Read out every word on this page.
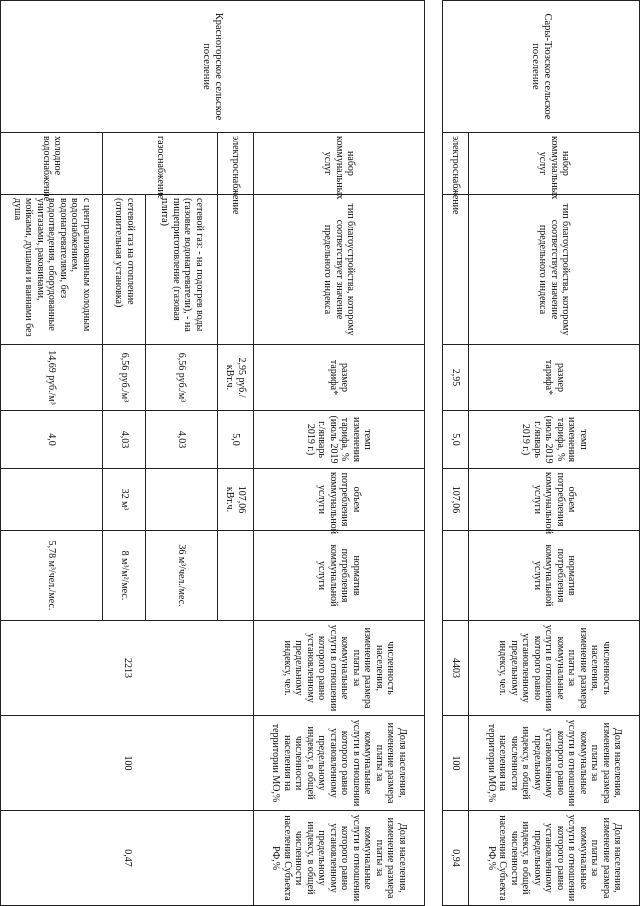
Сары-Тюзское сельское поселение	набор коммунальных услуг	тип благоустройства, которому соответствует значение предельного индекса	размер тарифа*	темп изменения тарифа, % (июль 2019 г./январь 2019 г.)	объем потребления коммунальной услуги	норматив потребления коммунальной услуги	численность населения, изменение размера платы за коммунальные услуги в отношении которого равно установленному предельному индексу, чел.	Доля населения, изменение размера платы за коммунальные услуги в отношении которого равно установленному предельному индексу, в общей численности населения на территории МО,%	Доля населения, изменение размера платы за коммунальные услуги в отношении которого равно установленному предельному индексу, в общей численности населения Субъекта РФ,%
	электроснабжение		2,95	5,0	107,06		4403	100	0,94

Красногорское сельское поселение	набор коммунальных услуг	тип благоустройства, которому соответствует значение предельного индекса	размер тарифа*	темп изменения тарифа, % (июль 2019 г./январь 2019 г.)	объем потребления коммунальной услуги	норматив потребления коммунальной услуги	численность населения, изменение размера платы за коммунальные услуги в отношении которого равно установленному предельному индексу, чел.	Доля населения, изменение размера платы за коммунальные услуги в отношении которого равно установленному предельному индексу, в общей численности населения на территории МО,%	Доля населения, изменение размера платы за коммунальные услуги в отношении которого равно установленному предельному индексу, в общей численности населения Субъекта РФ,%
	электроснабжение		2,95 руб./кВт.ч.	5,0	107,06 кВт.ч.		2213	100	0,47
	газоснабжение	сетевой газ: - на подогрев воды (газовые водонагреватели), - на пищеприготовление (газовая плита)	6,56 руб./м³	4,03		36 м³/чел./мес.			
		сетевой газ на отопление (отопительная установка)	6,56 руб./м³	4,03	32 м³	8 м³/м²/мес.			
	холодное водоснабжение	с централизованным холодным водоснабжением, водонагревателями, без водоотведения, оборудованные унитазами, раковинами, мойками, душами и ваннами без душа	14,69 руб./м³	4,0		5,78 м³/чел./мес.			
